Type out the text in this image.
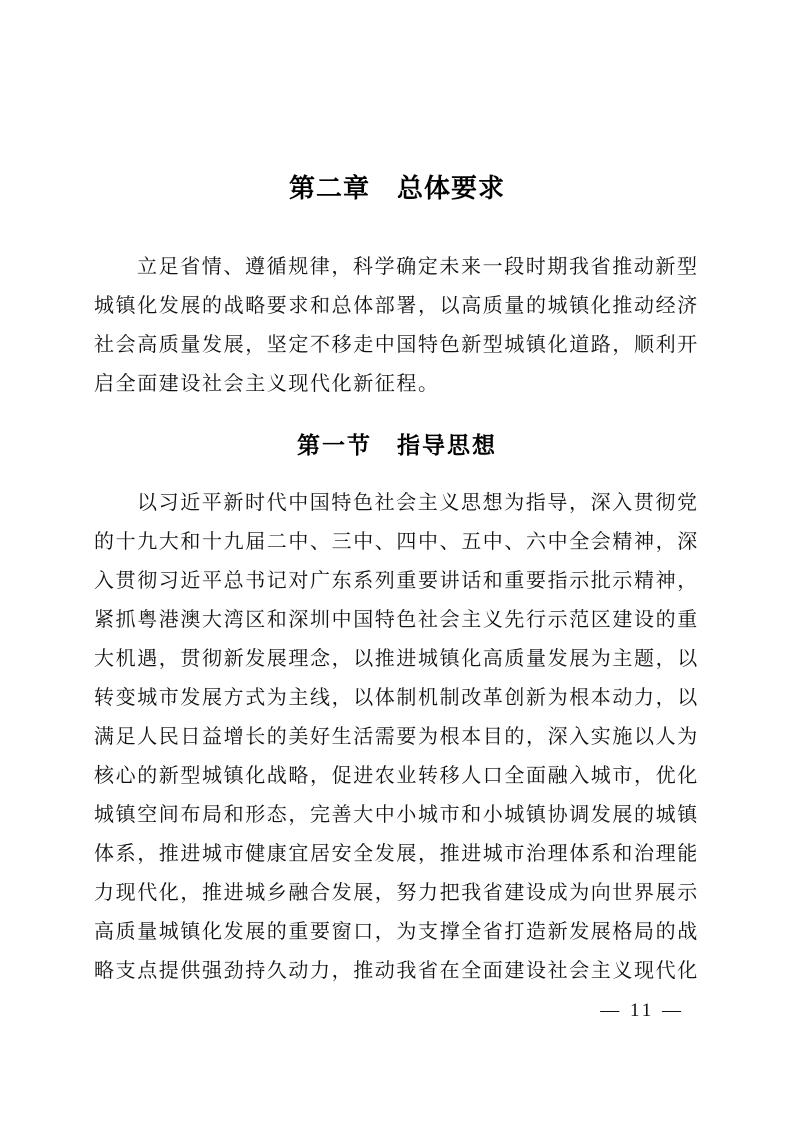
第二章　总体要求
立足省情、遵循规律，科学确定未来一段时期我省推动新型
城镇化发展的战略要求和总体部署，以高质量的城镇化推动经济
社会高质量发展，坚定不移走中国特色新型城镇化道路，顺利开
启全面建设社会主义现代化新征程。
第一节　指导思想
以习近平新时代中国特色社会主义思想为指导，深入贯彻党
的十九大和十九届二中、三中、四中、五中、六中全会精神，深
入贯彻习近平总书记对广东系列重要讲话和重要指示批示精神，
紧抓粤港澳大湾区和深圳中国特色社会主义先行示范区建设的重
大机遇，贯彻新发展理念，以推进城镇化高质量发展为主题，以
转变城市发展方式为主线，以体制机制改革创新为根本动力，以
满足人民日益增长的美好生活需要为根本目的，深入实施以人为
核心的新型城镇化战略，促进农业转移人口全面融入城市，优化
城镇空间布局和形态，完善大中小城市和小城镇协调发展的城镇
体系，推进城市健康宜居安全发展，推进城市治理体系和治理能
力现代化，推进城乡融合发展，努力把我省建设成为向世界展示
高质量城镇化发展的重要窗口，为支撑全省打造新发展格局的战
略支点提供强劲持久动力，推动我省在全面建设社会主义现代化
— 11 —
